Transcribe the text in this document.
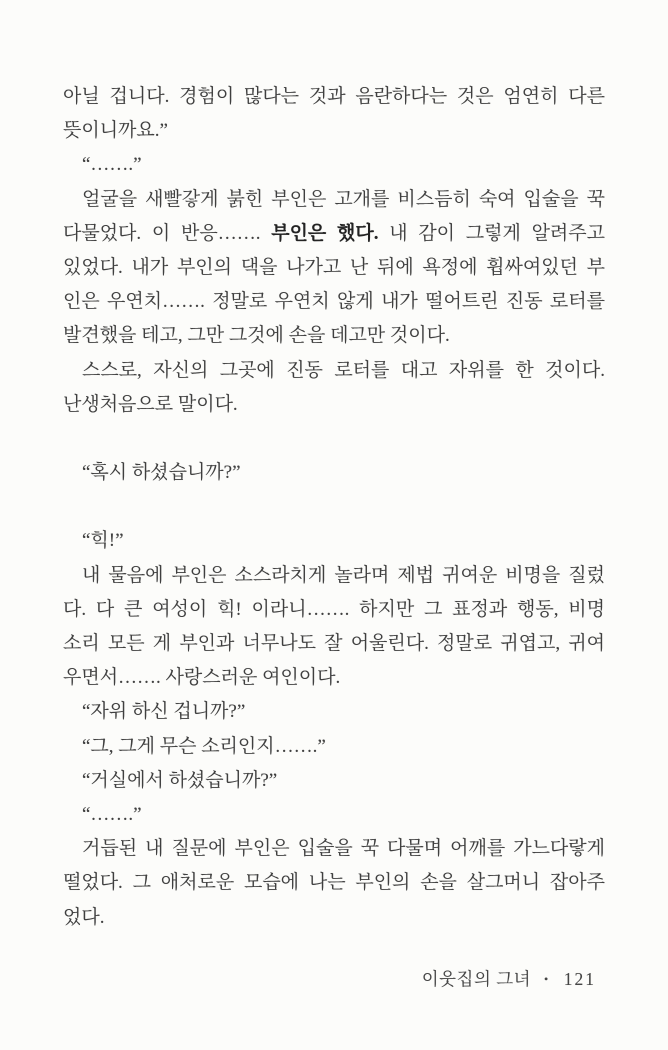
아닐 겁니다. 경험이 많다는 것과 음란하다는 것은 엄연히 다른
뜻이니까요.”
“…….”
얼굴을 새빨갛게 붉힌 부인은 고개를 비스듬히 숙여 입술을 꾹
다물었다. 이 반응……. 부인은 했다. 내 감이 그렇게 알려주고
있었다. 내가 부인의 댁을 나가고 난 뒤에 욕정에 휩싸여있던 부
인은 우연치……. 정말로 우연치 않게 내가 떨어트린 진동 로터를
발견했을 테고, 그만 그것에 손을 데고만 것이다.
스스로, 자신의 그곳에 진동 로터를 대고 자위를 한 것이다.
난생처음으로 말이다.
“혹시 하셨습니까?”
“힉!”
내 물음에 부인은 소스라치게 놀라며 제법 귀여운 비명을 질렀
다. 다 큰 여성이 힉! 이라니……. 하지만 그 표정과 행동, 비명
소리 모든 게 부인과 너무나도 잘 어울린다. 정말로 귀엽고, 귀여
우면서……. 사랑스러운 여인이다.
“자위 하신 겁니까?”
“그, 그게 무슨 소리인지…….”
“거실에서 하셨습니까?”
“…….”
거듭된 내 질문에 부인은 입술을 꾹 다물며 어깨를 가느다랗게
떨었다. 그 애처로운 모습에 나는 부인의 손을 살그머니 잡아주
었다.
이웃집의 그녀 • 121
